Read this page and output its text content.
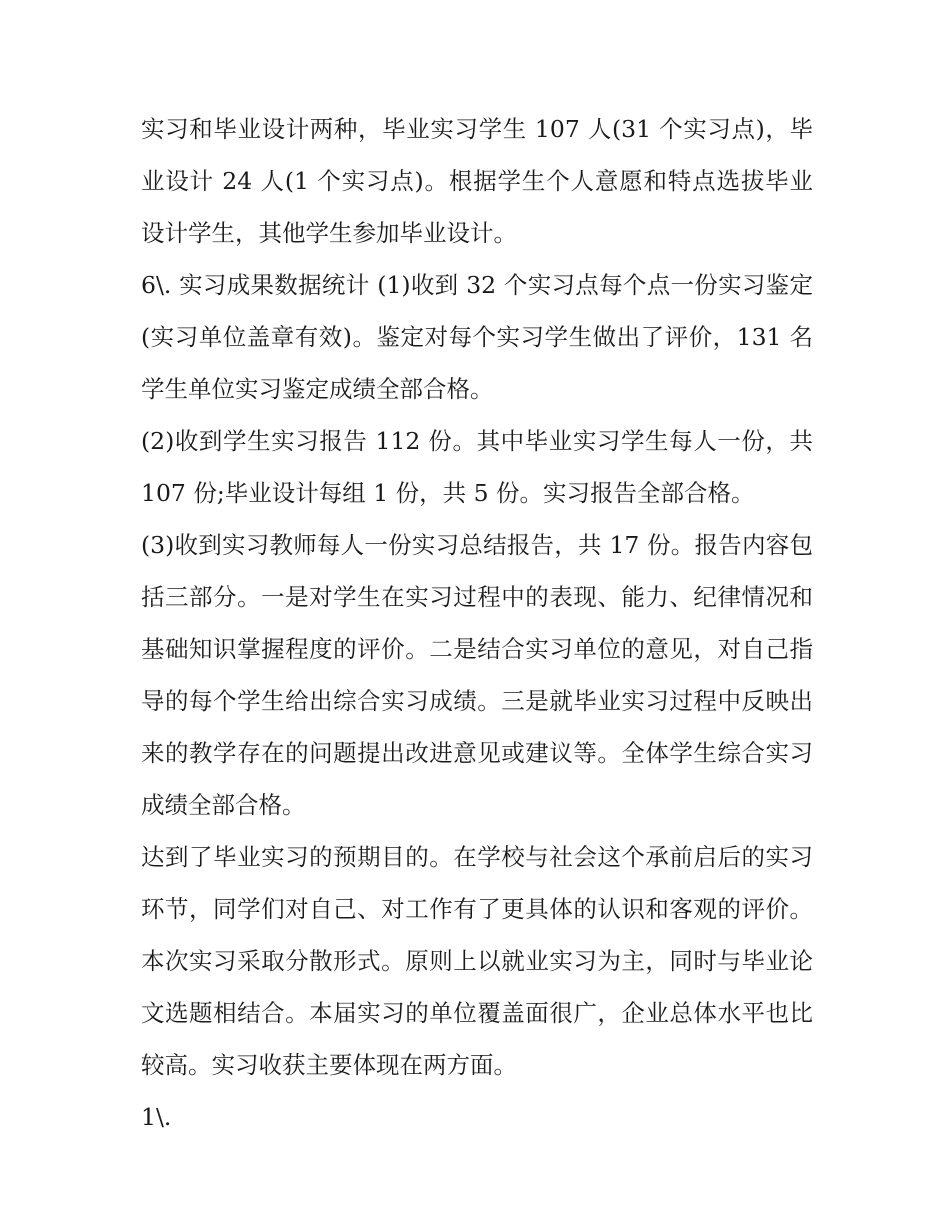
实习和毕业设计两种，毕业实习学生 107 人(31 个实习点)，毕业设计 24 人(1 个实习点)。根据学生个人意愿和特点选拔毕业设计学生，其他学生参加毕业设计。

6\. 实习成果数据统计 (1)收到 32 个实习点每个点一份实习鉴定(实习单位盖章有效)。鉴定对每个实习学生做出了评价，131 名学生单位实习鉴定成绩全部合格。

(2)收到学生实习报告 112 份。其中毕业实习学生每人一份，共 107 份;毕业设计每组 1 份，共 5 份。实习报告全部合格。

(3)收到实习教师每人一份实习总结报告，共 17 份。报告内容包括三部分。一是对学生在实习过程中的表现、能力、纪律情况和基础知识掌握程度的评价。二是结合实习单位的意见，对自己指导的每个学生给出综合实习成绩。三是就毕业实习过程中反映出来的教学存在的问题提出改进意见或建议等。全体学生综合实习成绩全部合格。

达到了毕业实习的预期目的。在学校与社会这个承前启后的实习环节，同学们对自己、对工作有了更具体的认识和客观的评价。本次实习采取分散形式。原则上以就业实习为主，同时与毕业论文选题相结合。本届实习的单位覆盖面很广，企业总体水平也比较高。实习收获主要体现在两方面。

1\.
